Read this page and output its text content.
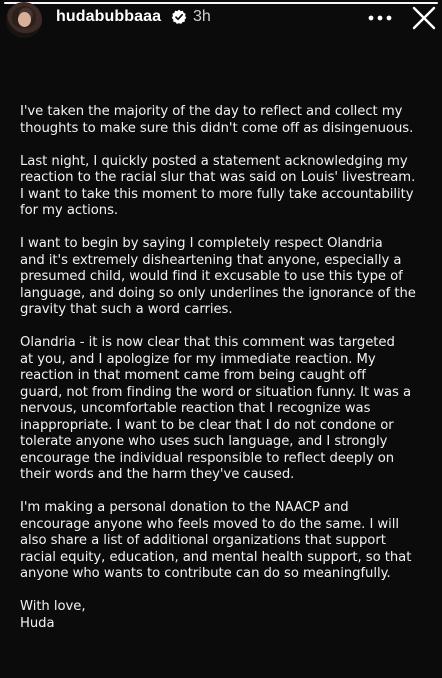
hudabubbaaa 3h

I've taken the majority of the day to reflect and collect my
thoughts to make sure this didn't come off as disingenuous.

Last night, I quickly posted a statement acknowledging my
reaction to the racial slur that was said on Louis' livestream.
I want to take this moment to more fully take accountability
for my actions.

I want to begin by saying I completely respect Olandria
and it's extremely disheartening that anyone, especially a
presumed child, would find it excusable to use this type of
language, and doing so only underlines the ignorance of the
gravity that such a word carries.

Olandria - it is now clear that this comment was targeted
at you, and I apologize for my immediate reaction. My
reaction in that moment came from being caught off
guard, not from finding the word or situation funny. It was a
nervous, uncomfortable reaction that I recognize was
inappropriate. I want to be clear that I do not condone or
tolerate anyone who uses such language, and I strongly
encourage the individual responsible to reflect deeply on
their words and the harm they've caused.

I'm making a personal donation to the NAACP and
encourage anyone who feels moved to do the same. I will
also share a list of additional organizations that support
racial equity, education, and mental health support, so that
anyone who wants to contribute can do so meaningfully.

With love,
Huda
